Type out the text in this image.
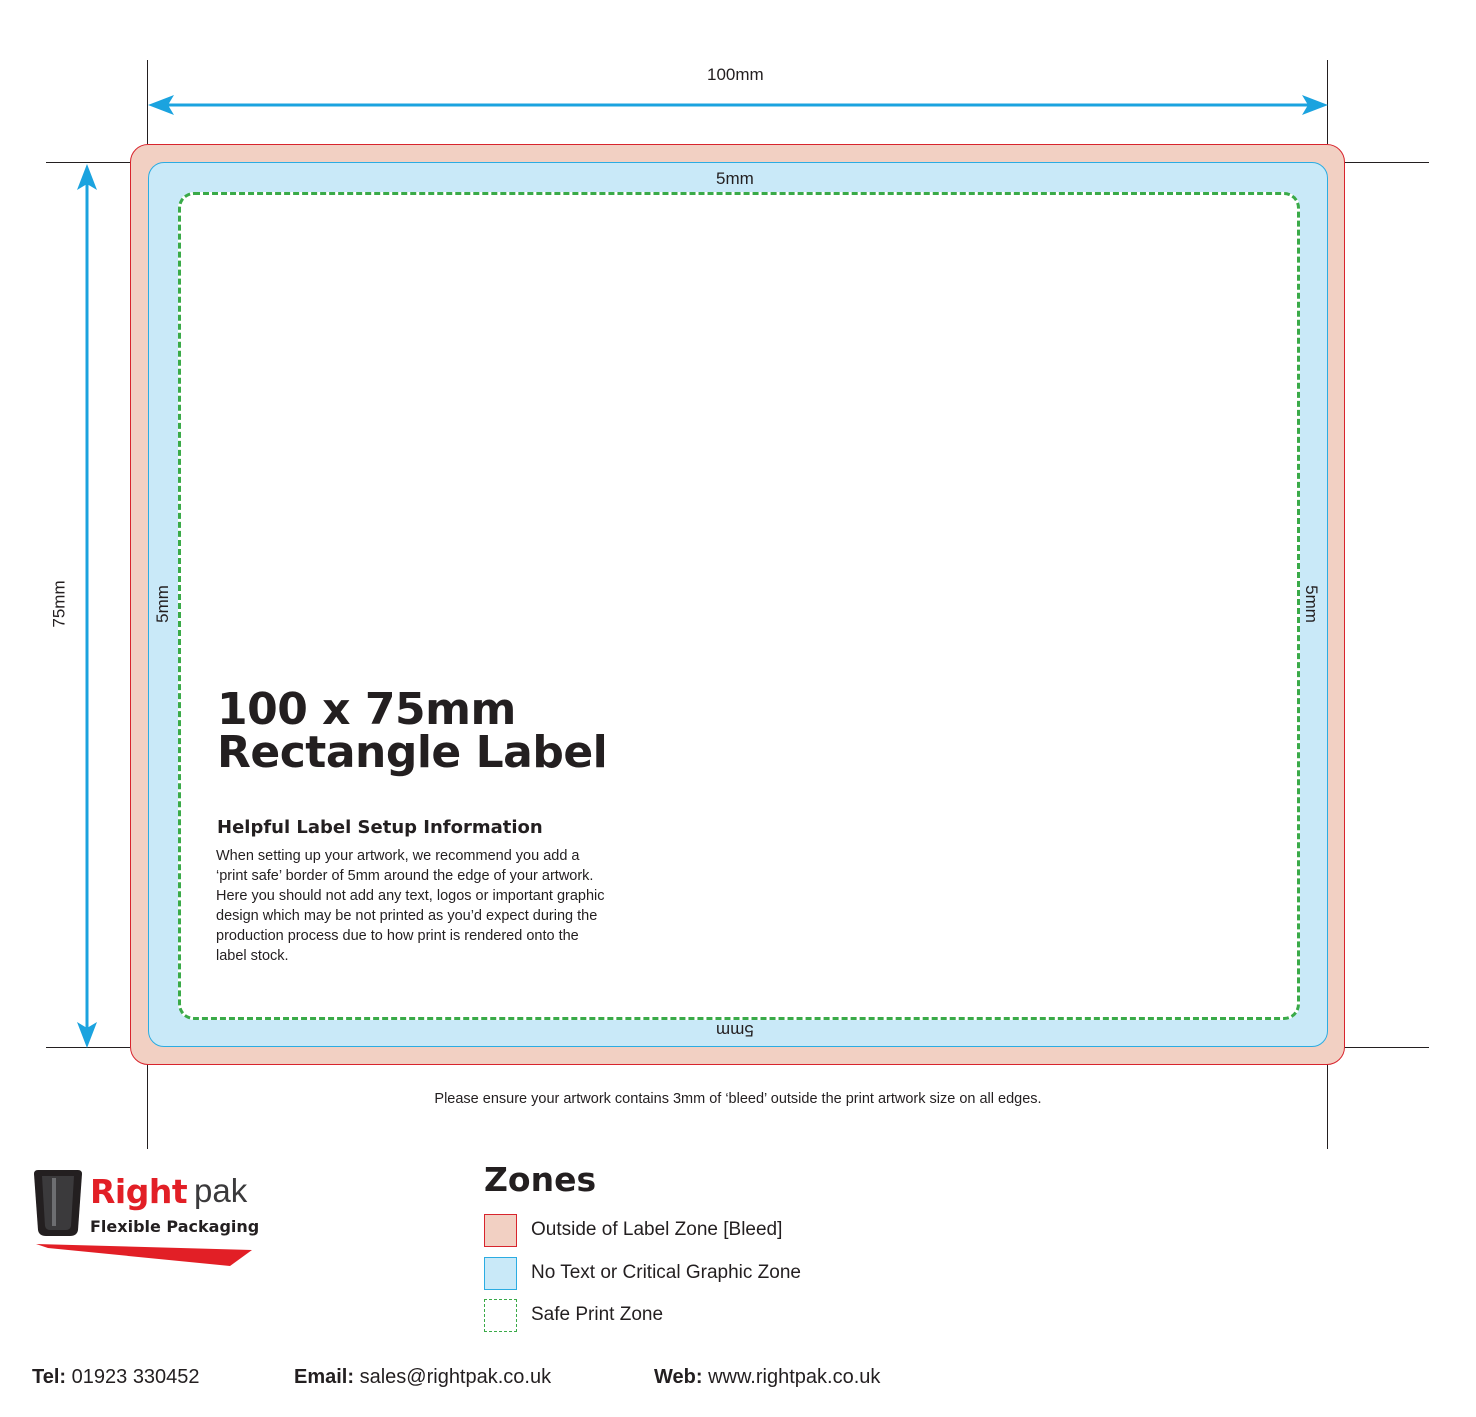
100mm
75mm
5mm
5mm	5mm
5mm
100 x 75mm
Rectangle Label
Helpful Label Setup Information
When setting up your artwork, we recommend you add a ‘print safe’ border of 5mm around the edge of your artwork. Here you should not add any text, logos or important graphic design which may be not printed as you’d expect during the production process due to how print is rendered onto the label stock.
Please ensure your artwork contains 3mm of ‘bleed’ outside the print artwork size on all edges.
Right pak
Flexible Packaging
Zones
Outside of Label Zone [Bleed]
No Text or Critical Graphic Zone
Safe Print Zone
Tel: 01923 330452	Email: sales@rightpak.co.uk	Web: www.rightpak.co.uk
